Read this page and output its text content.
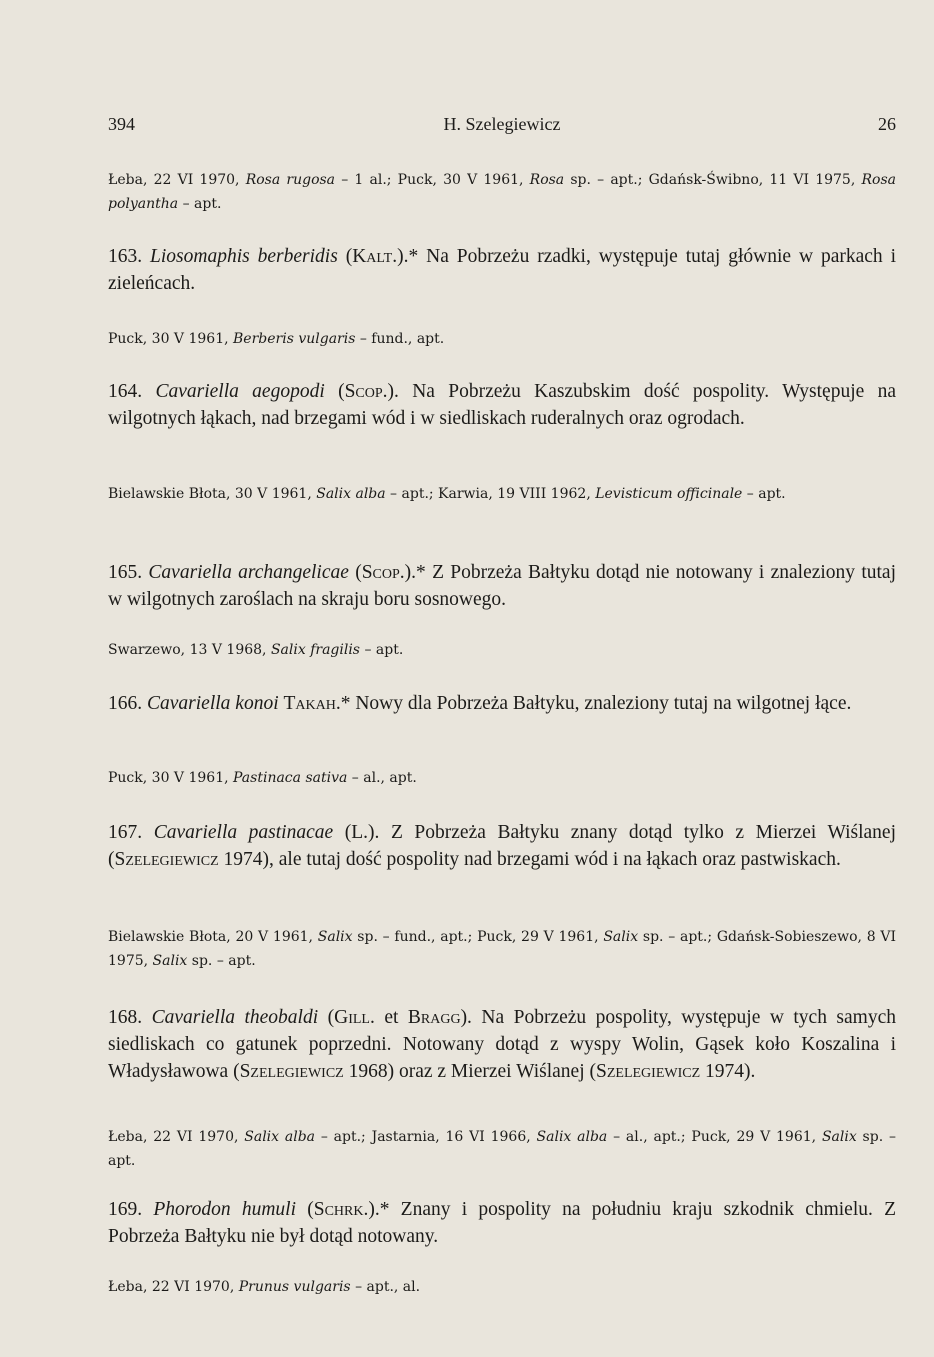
394	H. Szelegiewicz	26

Łeba, 22 VI 1970, Rosa rugosa – 1 al.; Puck, 30 V 1961, Rosa sp. – apt.; Gdańsk-Świbno, 11 VI 1975, Rosa polyantha – apt.

163. Liosomaphis berberidis (Kalt.).* Na Pobrzeżu rzadki, występuje tutaj głównie w parkach i zieleńcach.

Puck, 30 V 1961, Berberis vulgaris – fund., apt.

164. Cavariella aegopodi (Scop.). Na Pobrzeżu Kaszubskim dość pospolity. Występuje na wilgotnych łąkach, nad brzegami wód i w siedliskach ruderalnych oraz ogrodach.

Bielawskie Błota, 30 V 1961, Salix alba – apt.; Karwia, 19 VIII 1962, Levisticum officinale – apt.

165. Cavariella archangelicae (Scop.).* Z Pobrzeża Bałtyku dotąd nie notowany i znaleziony tutaj w wilgotnych zaroślach na skraju boru sosnowego.

Swarzewo, 13 V 1968, Salix fragilis – apt.

166. Cavariella konoi Takah.* Nowy dla Pobrzeża Bałtyku, znaleziony tutaj na wilgotnej łące.

Puck, 30 V 1961, Pastinaca sativa – al., apt.

167. Cavariella pastinacae (L.). Z Pobrzeża Bałtyku znany dotąd tylko z Mierzei Wiślanej (Szelegiewicz 1974), ale tutaj dość pospolity nad brzegami wód i na łąkach oraz pastwiskach.

Bielawskie Błota, 20 V 1961, Salix sp. – fund., apt.; Puck, 29 V 1961, Salix sp. – apt.; Gdańsk-Sobieszewo, 8 VI 1975, Salix sp. – apt.

168. Cavariella theobaldi (Gill. et Bragg). Na Pobrzeżu pospolity, występuje w tych samych siedliskach co gatunek poprzedni. Notowany dotąd z wyspy Wolin, Gąsek koło Koszalina i Władysławowa (Szelegiewicz 1968) oraz z Mierzei Wiślanej (Szelegiewicz 1974).

Łeba, 22 VI 1970, Salix alba – apt.; Jastarnia, 16 VI 1966, Salix alba – al., apt.; Puck, 29 V 1961, Salix sp. – apt.

169. Phorodon humuli (Schrk.).* Znany i pospolity na południu kraju szkodnik chmielu. Z Pobrzeża Bałtyku nie był dotąd notowany.

Łeba, 22 VI 1970, Prunus vulgaris – apt., al.
